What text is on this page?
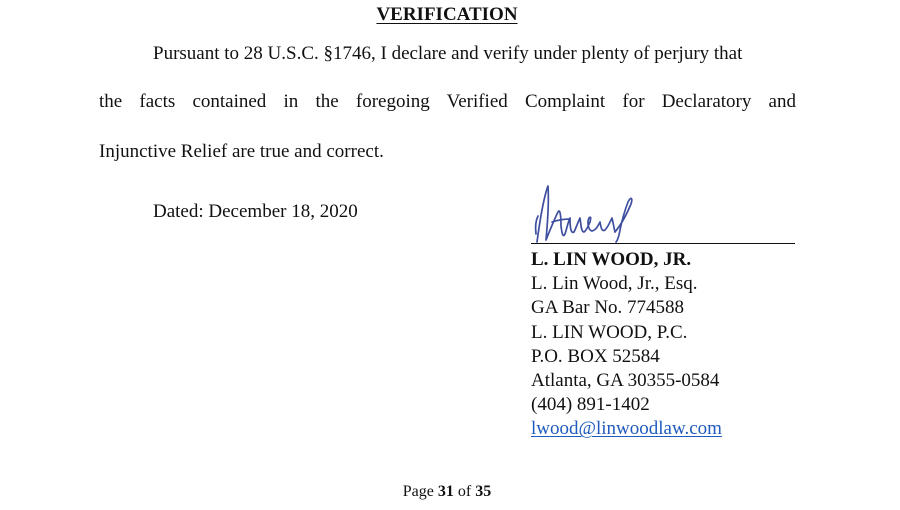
VERIFICATION
Pursuant to 28 U.S.C. §1746, I declare and verify under plenty of perjury that
the facts contained in the foregoing Verified Complaint for Declaratory and
Injunctive Relief are true and correct.
Dated: December 18, 2020
L. LIN WOOD, JR.
L. Lin Wood, Jr., Esq.
GA Bar No. 774588
L. LIN WOOD, P.C.
P.O. BOX 52584
Atlanta, GA 30355-0584
(404) 891-1402
lwood@linwoodlaw.com
Page 31 of 35
